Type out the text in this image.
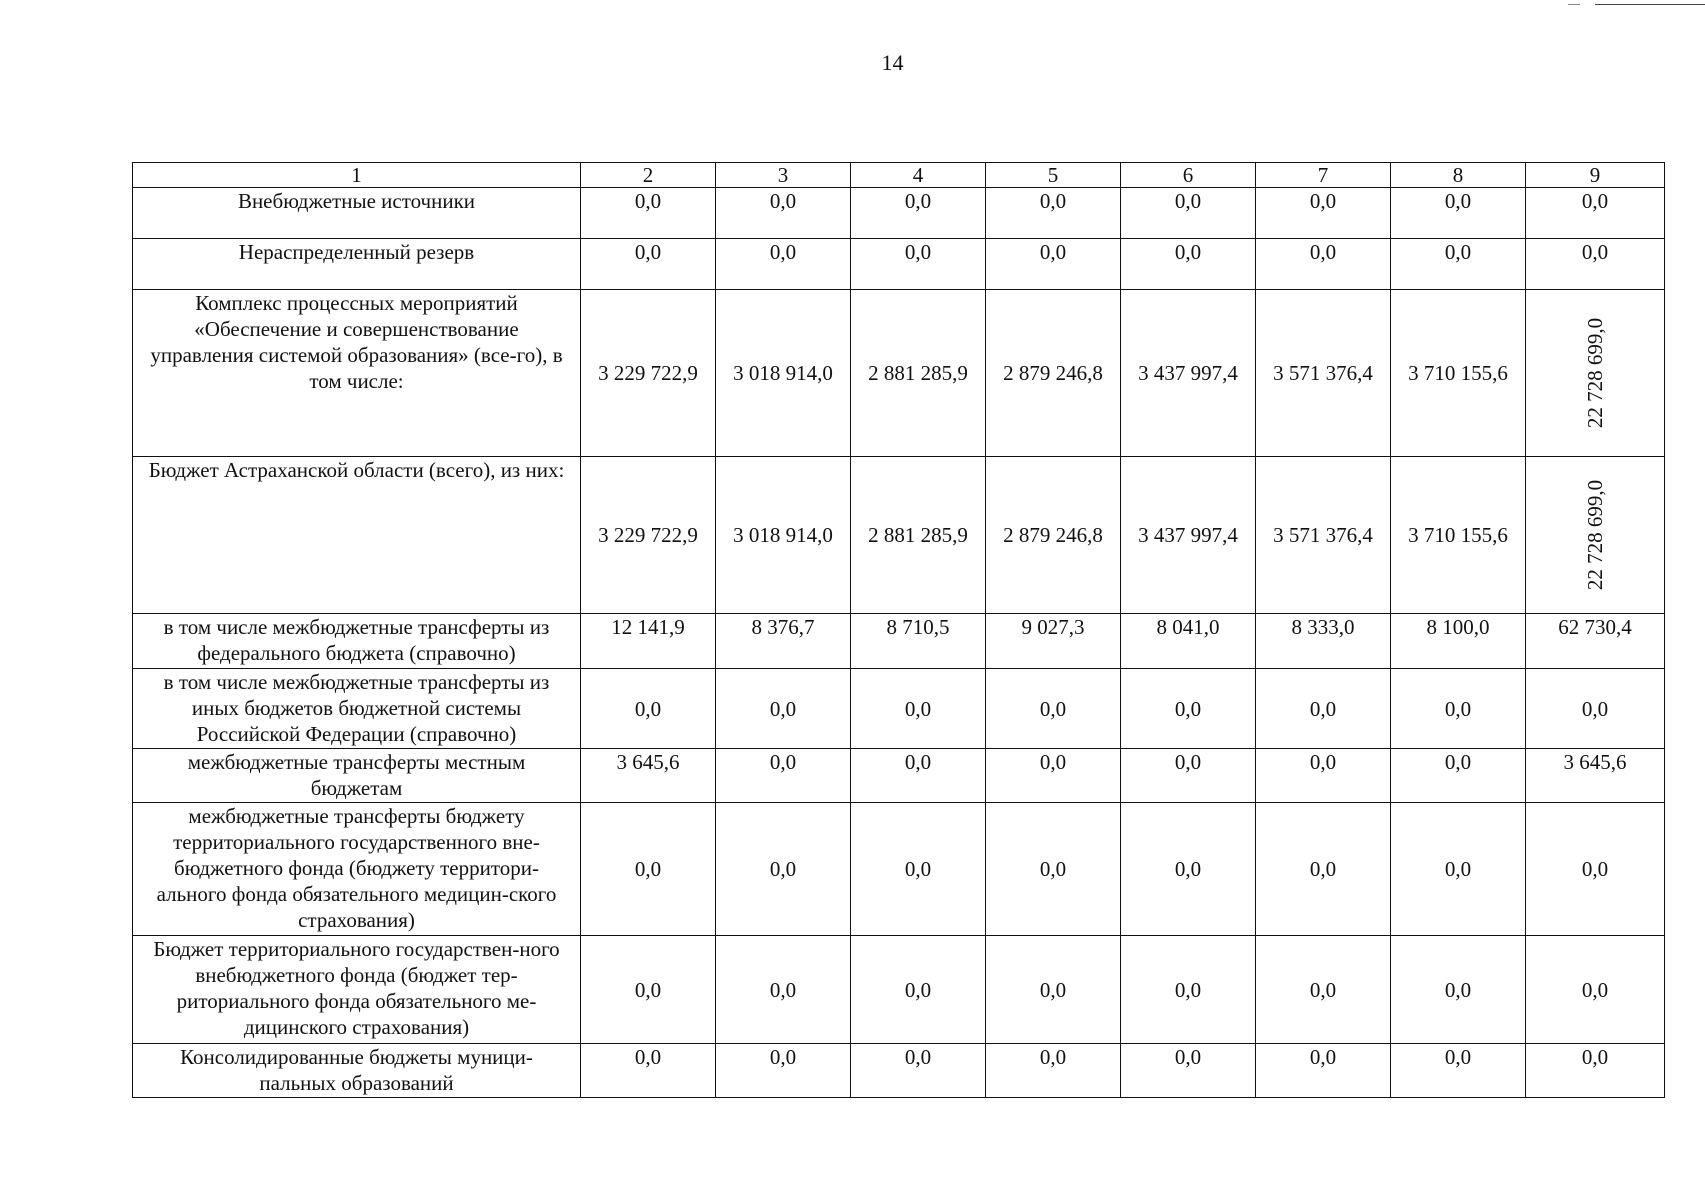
14
1	2	3	4	5	6	7	8	9
Внебюджетные источники	0,0	0,0	0,0	0,0	0,0	0,0	0,0	0,0
Нераспределенный резерв	0,0	0,0	0,0	0,0	0,0	0,0	0,0	0,0
Комплекс процессных мероприятий «Обеспечение и совершенствование управления системой образования» (все-го), в том числе:	3 229 722,9	3 018 914,0	2 881 285,9	2 879 246,8	3 437 997,4	3 571 376,4	3 710 155,6	22 728 699,0
Бюджет Астраханской области (всего), из них:	3 229 722,9	3 018 914,0	2 881 285,9	2 879 246,8	3 437 997,4	3 571 376,4	3 710 155,6	22 728 699,0
в том числе межбюджетные трансферты из федерального бюджета (справочно)	12 141,9	8 376,7	8 710,5	9 027,3	8 041,0	8 333,0	8 100,0	62 730,4
в том числе межбюджетные трансферты из иных бюджетов бюджетной системы Российской Федерации (справочно)	0,0	0,0	0,0	0,0	0,0	0,0	0,0	0,0
межбюджетные трансферты местным бюджетам	3 645,6	0,0	0,0	0,0	0,0	0,0	0,0	3 645,6
межбюджетные трансферты бюджету территориального государственного вне-бюджетного фонда (бюджету территори-ального фонда обязательного медицин-ского страхования)	0,0	0,0	0,0	0,0	0,0	0,0	0,0	0,0
Бюджет территориального государствен-ного внебюджетного фонда (бюджет тер-риториального фонда обязательного ме-дицинского страхования)	0,0	0,0	0,0	0,0	0,0	0,0	0,0	0,0
Консолидированные бюджеты муници-пальных образований	0,0	0,0	0,0	0,0	0,0	0,0	0,0	0,0
